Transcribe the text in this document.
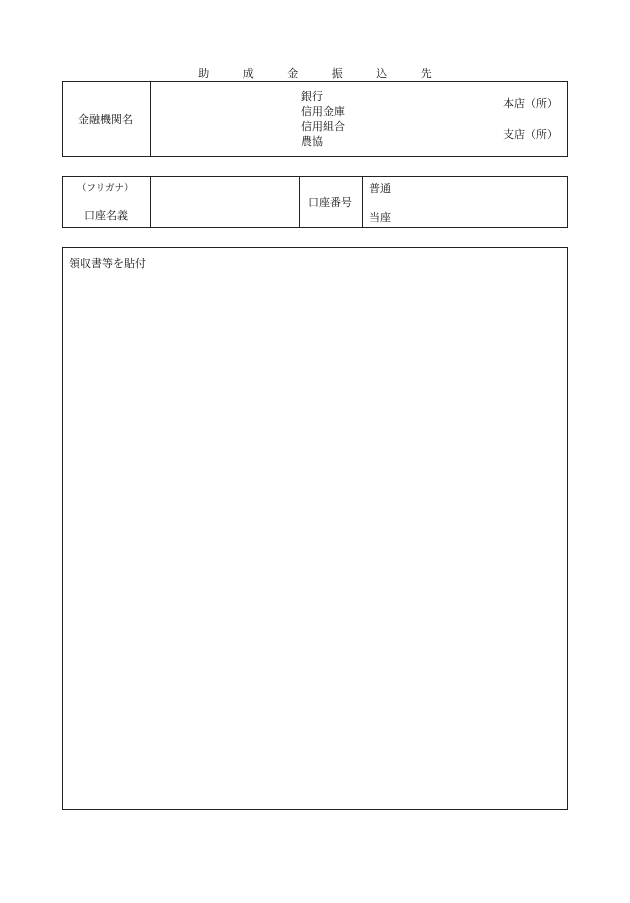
助 成 金 振 込 先
金融機関名
銀行
信用金庫
信用組合
農協
本店（所）
支店（所）
（フリガナ）
口座名義
口座番号
普通
当座
領収書等を貼付
